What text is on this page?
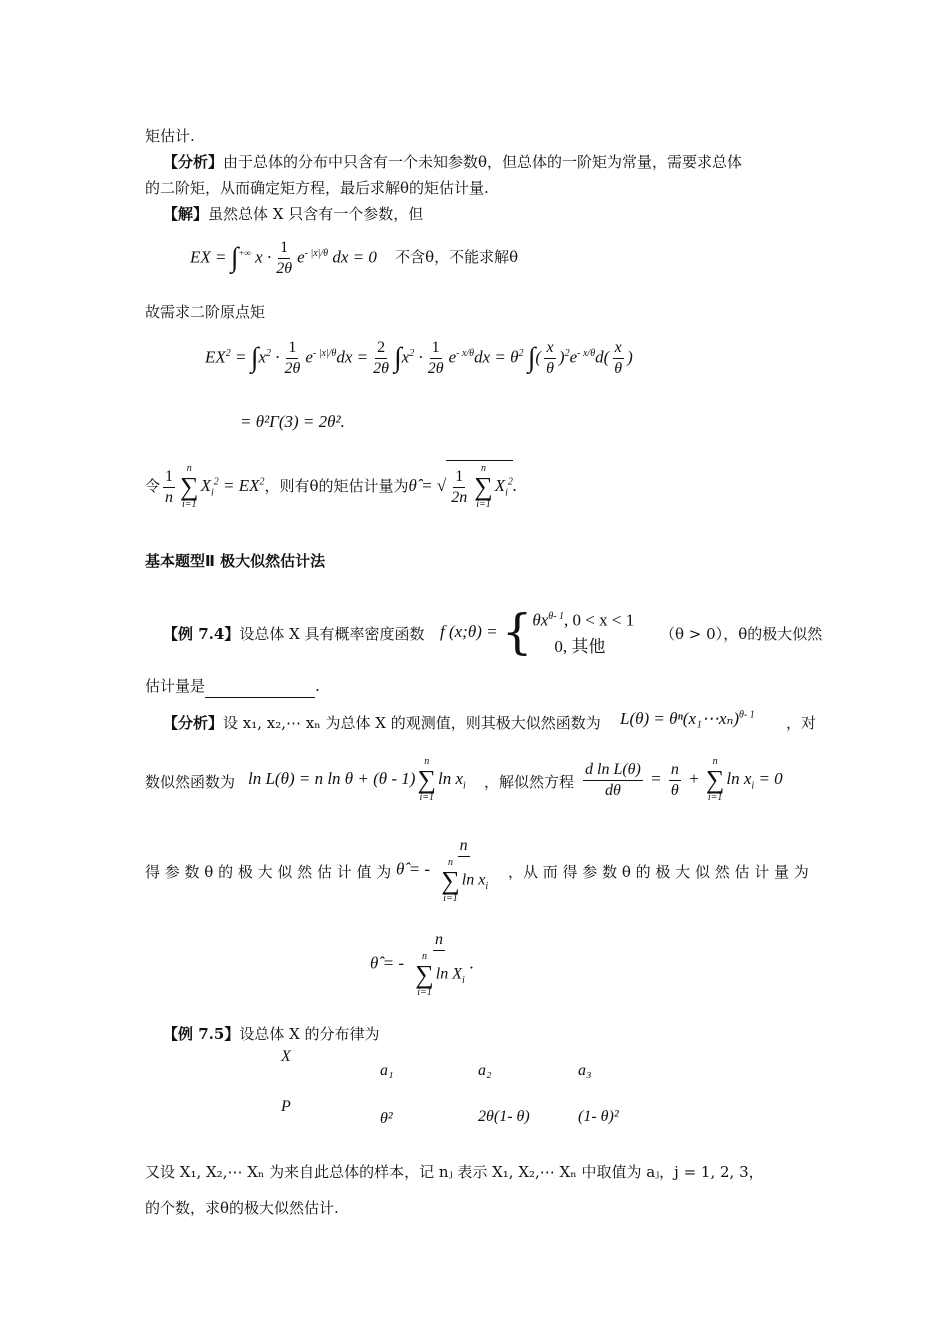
矩估计.
【分析】由于总体的分布中只含有一个未知参数θ，但总体的一阶矩为常量，需要求总体
的二阶矩，从而确定矩方程，最后求解θ的矩估计量.
【解】虽然总体 X 只含有一个参数，但
EX = ∫+∞ $x \cdot \frac{1}{2\theta} e^{- |x|/\theta}$ dx = 0 不含θ，不能求解θ
故需求二阶原点矩
$EX^2 = \int x^2 \cdot \frac{1}{2\theta} e^{- |x|/\theta}dx = \frac{2}{2\theta} \int x^2 \cdot \frac{1}{2\theta} e^{- x/\theta}dx = \theta^2$ ∫( $\frac{x}{\theta} )^2e^{- x/\theta}d( \frac{x}{\theta}$ )
= θ²Γ(3) = 2θ².
令 $\frac{1}{n}$ n
∑
i=1
$X_i^2 = EX^2$，则有θ的矩估计量为θ̂ = √ $\frac{1}{2n}$ n
∑
i=1
$X_i^2$.
基本题型Ⅱ 极大似然估计法
【例 7.4】设总体 X 具有概率密度函数 f (x;θ) = { $\theta x^{\theta- 1}$, 0 < x < 1
0, 其他
（θ > 0），θ的极大似然
估计量是	.
【分析】设 x₁, x₂,⋯ xₙ 为总体 X 的观测值，则其极大似然函数为 L(θ) = θⁿ(x₁⋯xₙ)$^{\theta- 1}$ ，对
数似然函数为 ln L(θ) = n ln θ + (θ - 1)
n
∑
i=1
$\ln x_i$ ，解似然方程 $\frac{\text{d ln L(θ)}}{d\theta} = \frac{n}{\theta}$ +
n
∑
i=1
$\ln x_i = 0$
得 参 数 θ 的 极 大 似 然 估 计 值 为 θ̂ = - n
n
∑
i=1
$\ln x_i$ ，从 而 得 参 数 θ 的 极 大 似 然 估 计 量 为
θ̂ = - n
n
∑
i=1
$\ln X_i$ .
【例 7.5】设总体 X 的分布律为
X
a₁	a₂	a₃
P
θ²	2θ(1- θ)	(1- θ)²
又设 X₁, X₂,⋯ Xₙ 为来自此总体的样本，记 nⱼ 表示 X₁, X₂,⋯ Xₙ 中取值为 aⱼ，j = 1, 2, 3，
的个数，求θ的极大似然估计.
